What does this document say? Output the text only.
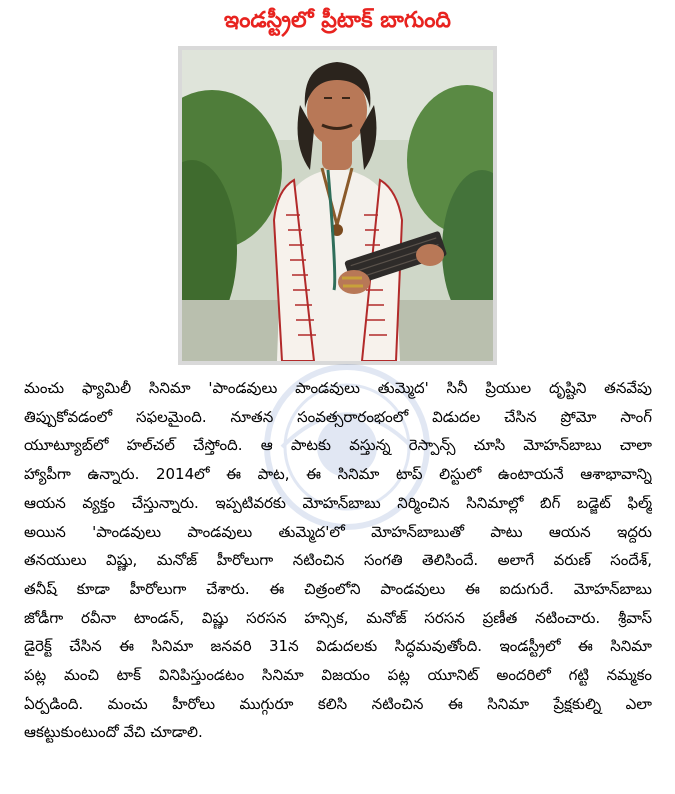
ఇండస్ట్రీలో ప్రీటాక్ బాగుంది

మంచు ఫ్యామిలీ సినిమా 'పాండవులు పాండవులు తుమ్మెద' సినీ ప్రియుల దృష్టిని తనవేపు

తిప్పుకోవడంలో సఫలమైంది. నూతన సంవత్సరారంభంలో విడుదల చేసిన ప్రోమో సాంగ్

యూట్యూబ్‌లో హల్‌చల్ చేస్తోంది. ఆ పాటకు వస్తున్న రెస్పాన్స్ చూసి మోహన్‌బాబు చాలా

హ్యాపీగా ఉన్నారు. 2014లో ఈ పాట, ఈ సినిమా టాప్ లిస్టులో ఉంటాయనే ఆశాభావాన్ని

ఆయన వ్యక్తం చేస్తున్నారు. ఇప్పటివరకు మోహన్‌బాబు నిర్మించిన సినిమాల్లో బిగ్ బడ్జెట్ ఫిల్మ్

అయిన 'పాండవులు పాండవులు తుమ్మెద'లో మోహన్‌బాబుతో పాటు ఆయన ఇద్దరు

తనయులు విష్ణు, మనోజ్ హీరోలుగా నటించిన సంగతి తెలిసిందే. అలాగే వరుణ్ సందేశ్,

తనీష్ కూడా హీరోలుగా చేశారు. ఈ చిత్రంలోని పాండవులు ఈ ఐదుగురే. మోహన్‌బాబు

జోడీగా రవీనా టాండన్, విష్ణు సరసన హన్సిక, మనోజ్ సరసన ప్రణీత నటించారు. శ్రీవాస్

డైరెక్ట్ చేసిన ఈ సినిమా జనవరి 31న విడుదలకు సిద్ధమవుతోంది. ఇండస్ట్రీలో ఈ సినిమా

పట్ల మంచి టాక్ వినిపిస్తుండటం సినిమా విజయం పట్ల యూనిట్ అందరిలో గట్టి నమ్మకం

ఏర్పడింది. మంచు హీరోలు ముగ్గురూ కలిసి నటించిన ఈ సినిమా ప్రేక్షకుల్ని ఎలా

ఆకట్టుకుంటుందో వేచి చూడాలి.
